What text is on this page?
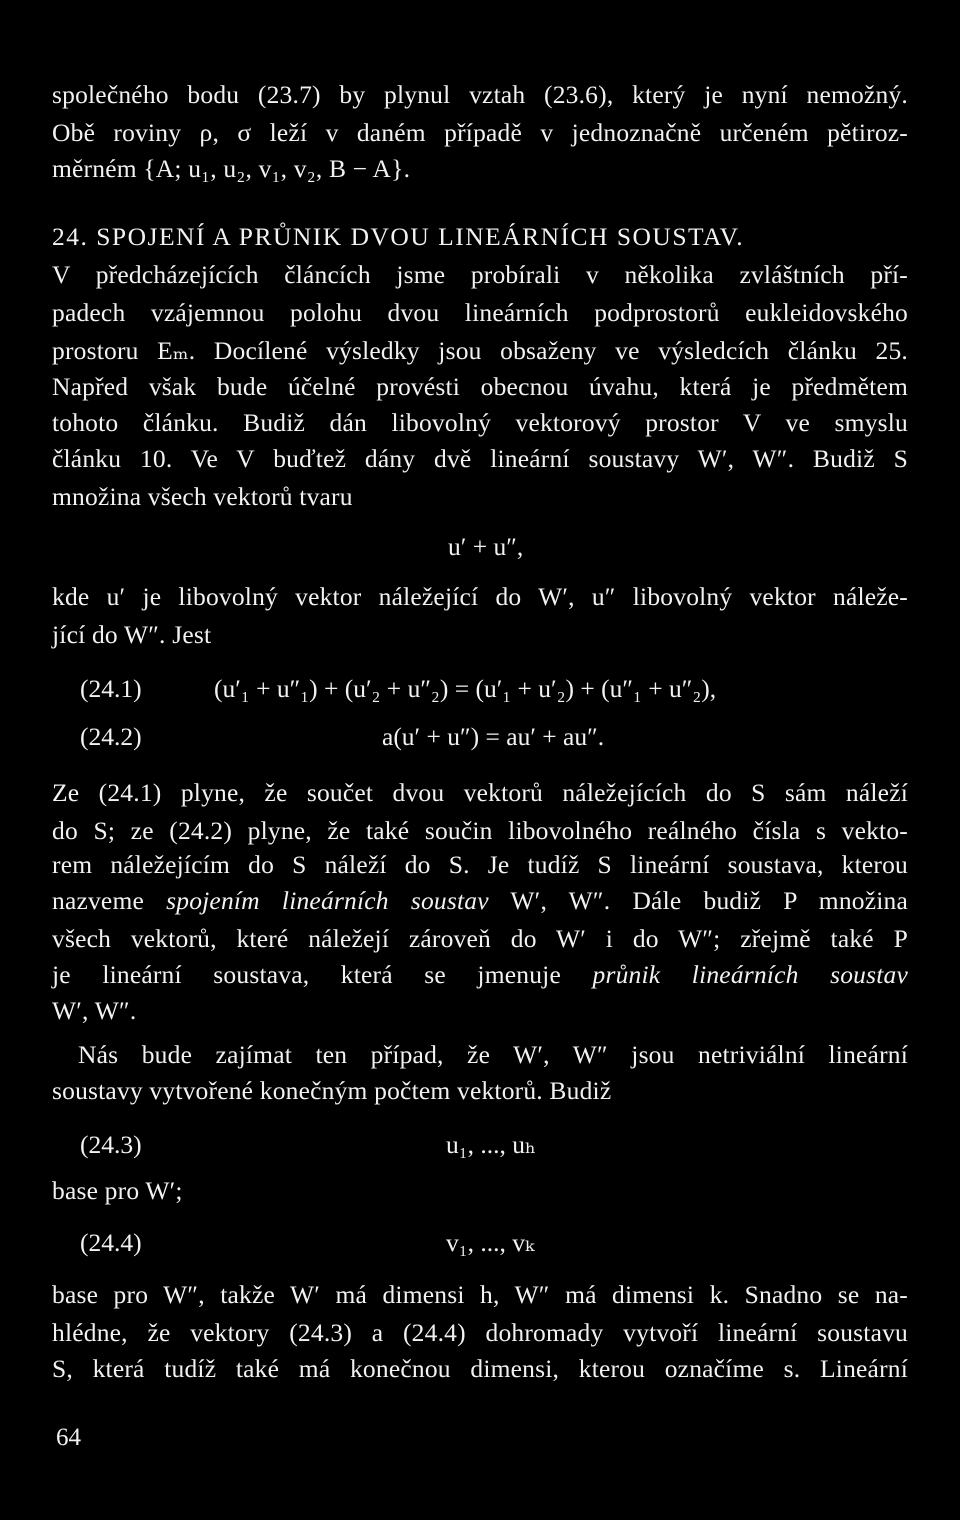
společného bodu (23.7) by plynul vztah (23.6), který je nyní nemožný.
Obě roviny ρ, σ leží v daném případě v jednoznačně určeném pětiroz-
měrném {A; u₁, u₂, v₁, v₂, B − A}.
24. SPOJENÍ A PRŮNIK DVOU LINEÁRNÍCH SOUSTAV.
V předcházejících článcích jsme probírali v několika zvláštních pří-
padech vzájemnou polohu dvou lineárních podprostorů eukleidovského
prostoru Eₘ. Docílené výsledky jsou obsaženy ve výsledcích článku 25.
Napřed však bude účelné provésti obecnou úvahu, která je předmětem
tohoto článku. Budiž dán libovolný vektorový prostor V ve smyslu
článku 10. Ve V buďtež dány dvě lineární soustavy W′, W″. Budiž S
množina všech vektorů tvaru
u′ + u″,
kde u′ je libovolný vektor náležející do W′, u″ libovolný vektor náleže-
jící do W″. Jest
(24.1)	(u′₁ + u″₁) + (u′₂ + u″₂) = (u′₁ + u′₂) + (u″₁ + u″₂),
(24.2)	a(u′ + u″) = au′ + au″.
Ze (24.1) plyne, že součet dvou vektorů náležejících do S sám náleží
do S; ze (24.2) plyne, že také součin libovolného reálného čísla s vekto-
rem náležejícím do S náleží do S. Je tudíž S lineární soustava, kterou
nazveme spojením lineárních soustav W′, W″. Dále budiž P množina
všech vektorů, které náležejí zároveň do W′ i do W″; zřejmě také P
je lineární soustava, která se jmenuje průnik lineárních soustav
W′, W″.
Nás bude zajímat ten případ, že W′, W″ jsou netriviální lineární
soustavy vytvořené konečným počtem vektorů. Budiž
(24.3)	u₁, ..., uₕ
base pro W′;
(24.4)	v₁, ..., vₖ
base pro W″, takže W′ má dimensi h, W″ má dimensi k. Snadno se na-
hlédne, že vektory (24.3) a (24.4) dohromady vytvoří lineární soustavu
S, která tudíž také má konečnou dimensi, kterou označíme s. Lineární
64
